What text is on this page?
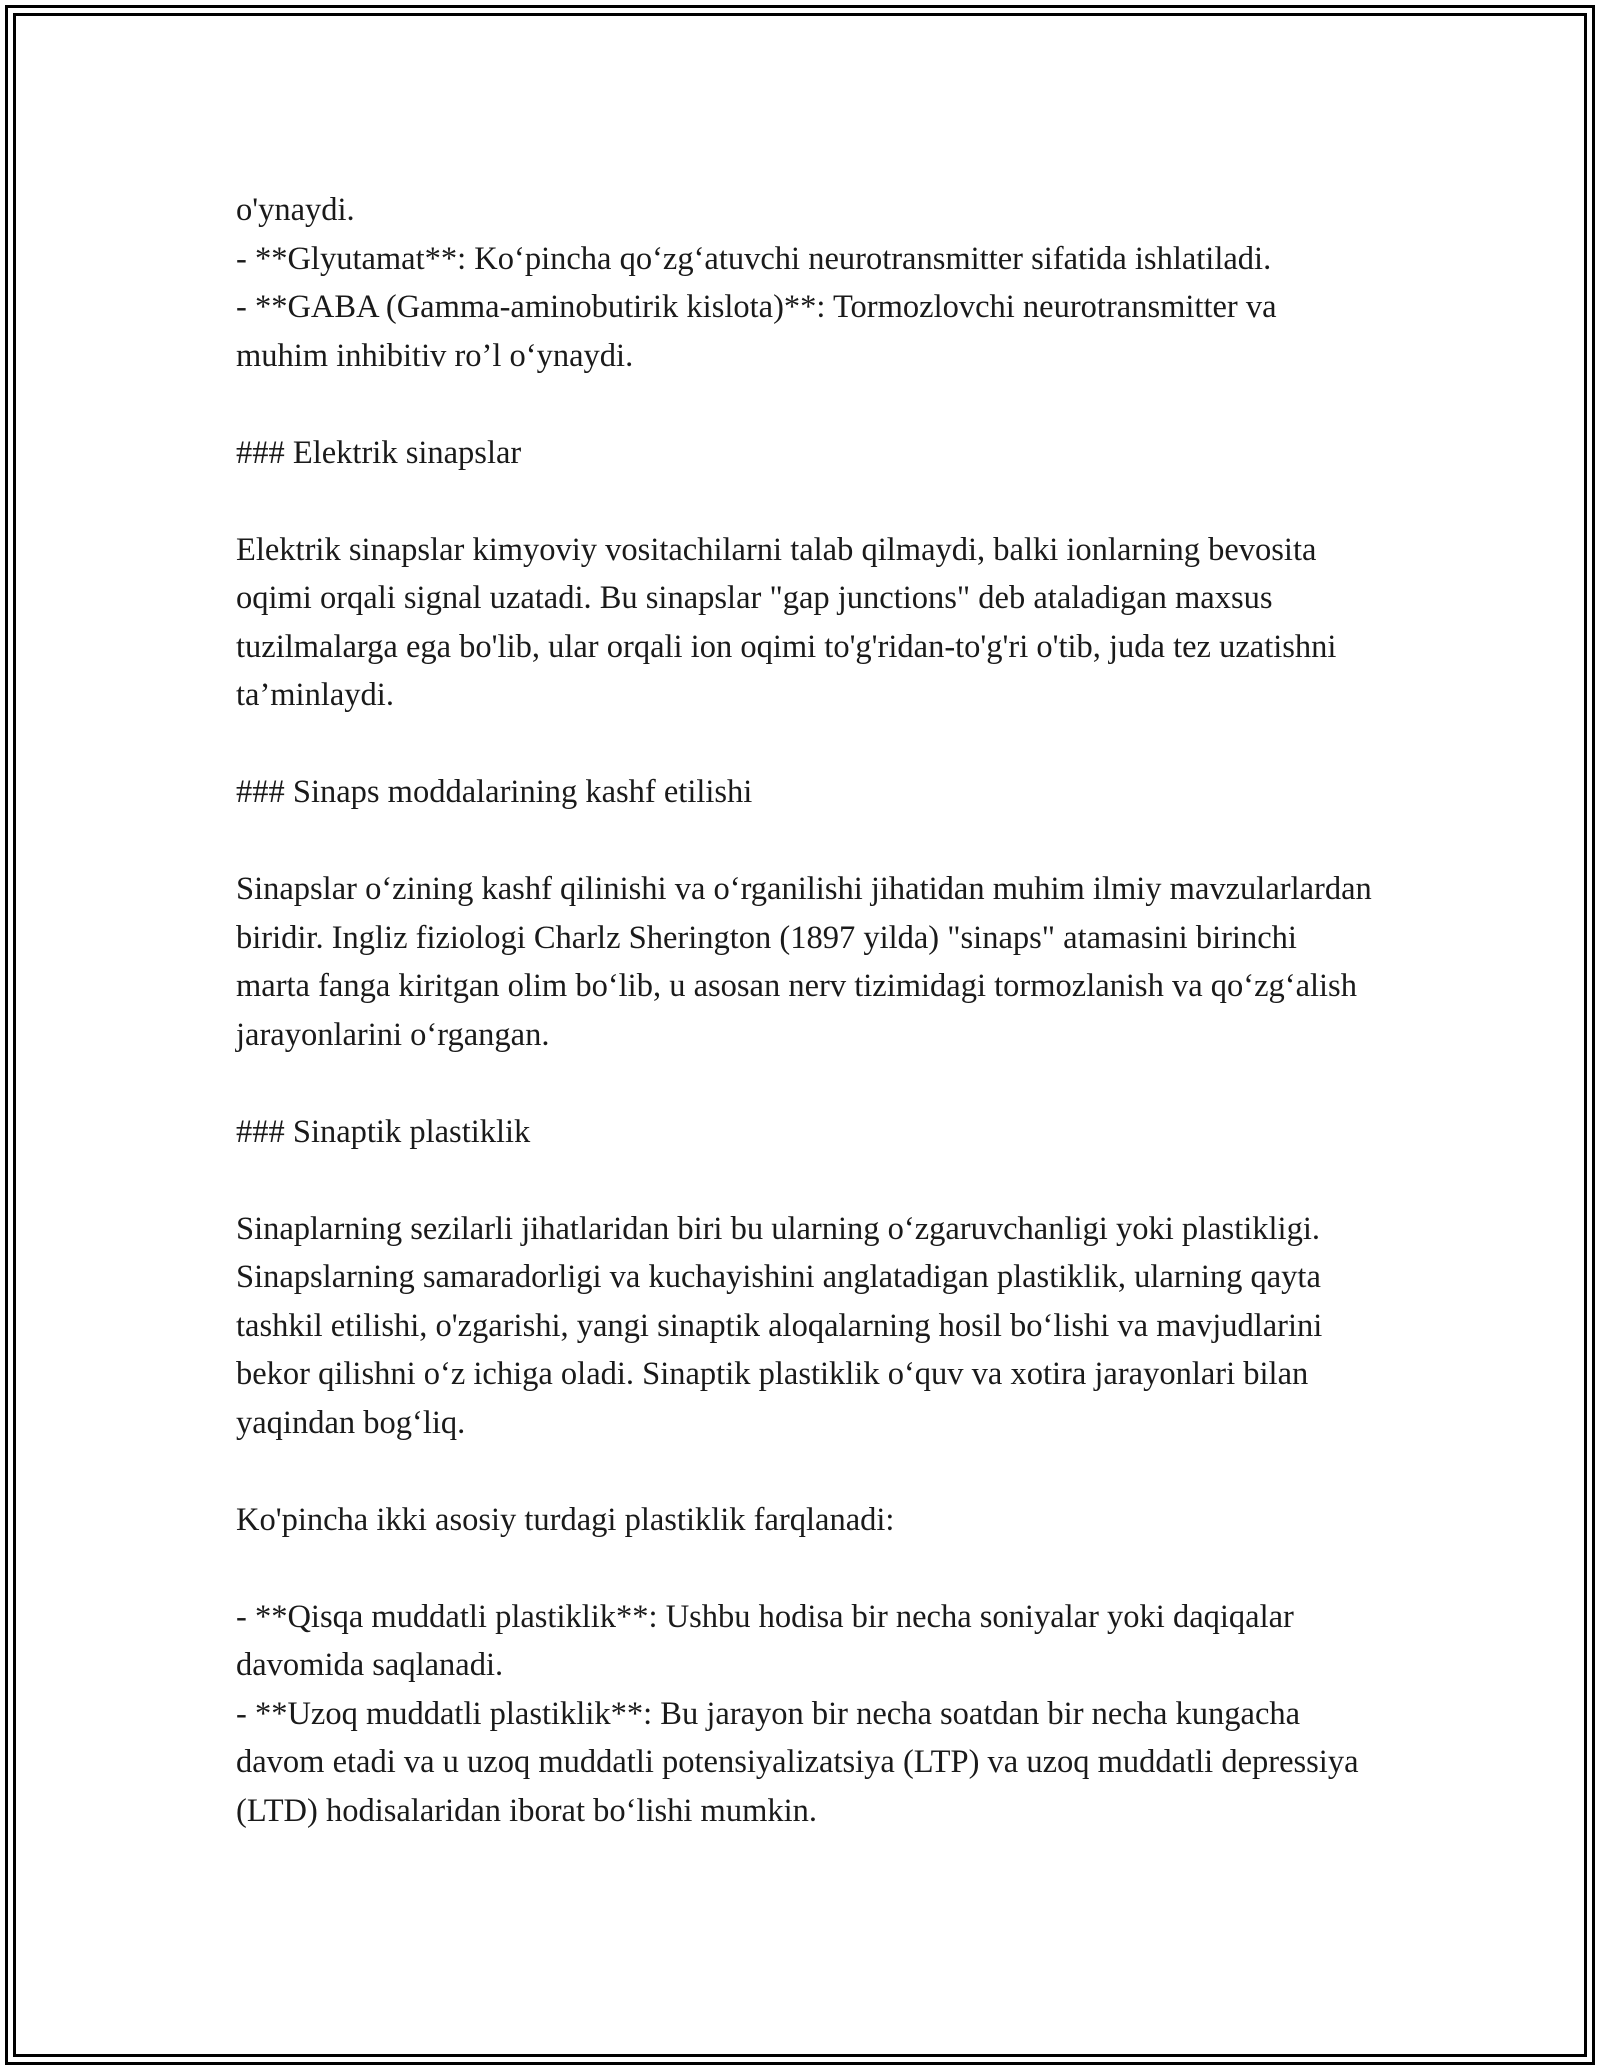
o'ynaydi.
- **Glyutamat**: Ko‘pincha qo‘zg‘atuvchi neurotransmitter sifatida ishlatiladi.
- **GABA (Gamma-aminobutirik kislota)**: Tormozlovchi neurotransmitter va muhim inhibitiv ro’l o‘ynaydi.

### Elektrik sinapslar

Elektrik sinapslar kimyoviy vositachilarni talab qilmaydi, balki ionlarning bevosita oqimi orqali signal uzatadi. Bu sinapslar "gap junctions" deb ataladigan maxsus tuzilmalarga ega bo'lib, ular orqali ion oqimi to'g'ridan-to'g'ri o'tib, juda tez uzatishni ta’minlaydi.

### Sinaps moddalarining kashf etilishi

Sinapslar o‘zining kashf qilinishi va o‘rganilishi jihatidan muhim ilmiy mavzularlardan biridir. Ingliz fiziologi Charlz Sherington (1897 yilda) "sinaps" atamasini birinchi marta fanga kiritgan olim bo‘lib, u asosan nerv tizimidagi tormozlanish va qo‘zg‘alish jarayonlarini o‘rgangan.

### Sinaptik plastiklik

Sinaplarning sezilarli jihatlaridan biri bu ularning o‘zgaruvchanligi yoki plastikligi. Sinapslarning samaradorligi va kuchayishini anglatadigan plastiklik, ularning qayta tashkil etilishi, o'zgarishi, yangi sinaptik aloqalarning hosil bo‘lishi va mavjudlarini bekor qilishni o‘z ichiga oladi. Sinaptik plastiklik o‘quv va xotira jarayonlari bilan yaqindan bog‘liq.

Ko'pincha ikki asosiy turdagi plastiklik farqlanadi:

- **Qisqa muddatli plastiklik**: Ushbu hodisa bir necha soniyalar yoki daqiqalar davomida saqlanadi.
- **Uzoq muddatli plastiklik**: Bu jarayon bir necha soatdan bir necha kungacha davom etadi va u uzoq muddatli potensiyalizatsiya (LTP) va uzoq muddatli depressiya (LTD) hodisalaridan iborat bo‘lishi mumkin.
